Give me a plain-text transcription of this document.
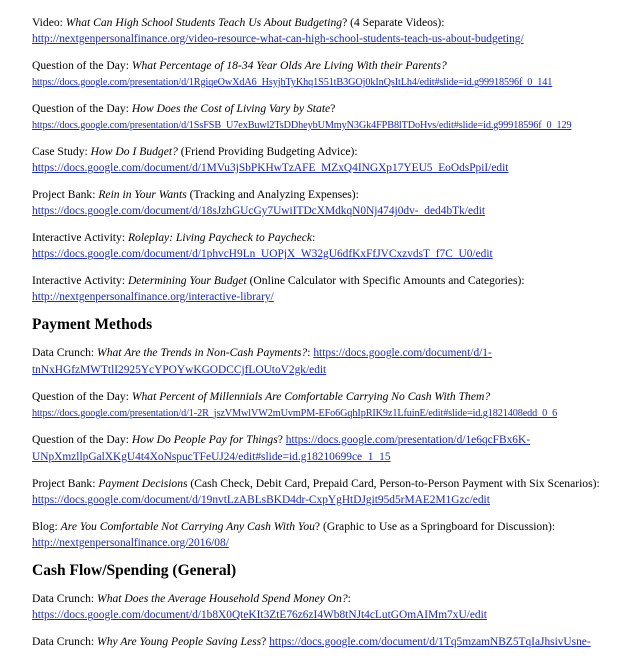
Video: What Can High School Students Teach Us About Budgeting? (4 Separate Videos):

http://nextgenpersonalfinance.org/video-resource-what-can-high-school-students-teach-us-about-budgeting/

Question of the Day: What Percentage of 18-34 Year Olds Are Living With their Parents?

https://docs.google.com/presentation/d/1RgiqeOwXdA6_HsyjhTyKhq1S51tB3GOj0kInQsItLh4/edit#slide=id.g99918596f_0_141

Question of the Day: How Does the Cost of Living Vary by State?

https://docs.google.com/presentation/d/1SsFSB_U7exBuwl2TsDDheybUMmyN3Gk4FPB8lTDoHvs/edit#slide=id.g99918596f_0_129

Case Study: How Do I Budget? (Friend Providing Budgeting Advice):

https://docs.google.com/document/d/1MVu3jSbPKHwTzAFE_MZxQ4INGXp17YEU5_EoOdsPpiI/edit

Project Bank: Rein in Your Wants (Tracking and Analyzing Expenses):

https://docs.google.com/document/d/18sJzhGUcGy7UwiITDcXMdkqN0Nj474j0dv-_ded4bTk/edit

Interactive Activity: Roleplay: Living Paycheck to Paycheck:

https://docs.google.com/document/d/1phvcH9Ln_UOPjX_W32gU6dfKxFfJVCxzvdsT_f7C_U0/edit

Interactive Activity: Determining Your Budget (Online Calculator with Specific Amounts and Categories):

http://nextgenpersonalfinance.org/interactive-library/
Payment Methods

Data Crunch: What Are the Trends in Non-Cash Payments?: https://docs.google.com/document/d/1-

tnNxHGfzMWTtlI2925YcYPOYwKGODCCjfLOUtoV2gk/edit

Question of the Day: What Percent of Millennials Are Comfortable Carrying No Cash With Them?

https://docs.google.com/presentation/d/1-2R_jszVMwlVW2mUvmPM-EFo6GqhIpRIK9z1LfuinE/edit#slide=id.g1821408edd_0_6

Question of the Day: How Do People Pay for Things? https://docs.google.com/presentation/d/1e6qcFBx6K-

UNpXmzllpGalXKgU4t4XoNspucTFeUJ24/edit#slide=id.g18210699ce_1_15

Project Bank: Payment Decisions (Cash Check, Debit Card, Prepaid Card, Person-to-Person Payment with Six Scenarios):

https://docs.google.com/document/d/19nvtLzABLsBKD4dr-CxpYgHtDJgit95d5rMAE2M1Gzc/edit

Blog: Are You Comfortable Not Carrying Any Cash With You? (Graphic to Use as a Springboard for Discussion):

http://nextgenpersonalfinance.org/2016/08/
Cash Flow/Spending (General)

Data Crunch: What Does the Average Household Spend Money On?:

https://docs.google.com/document/d/1b8X0QteKIt3ZtE76z6zI4Wb8tNJt4cLutGOmAIMm7xU/edit

Data Crunch: Why Are Young People Saving Less? https://docs.google.com/document/d/1Tq5mzamNBZ5TqIaJhsivUsne-
